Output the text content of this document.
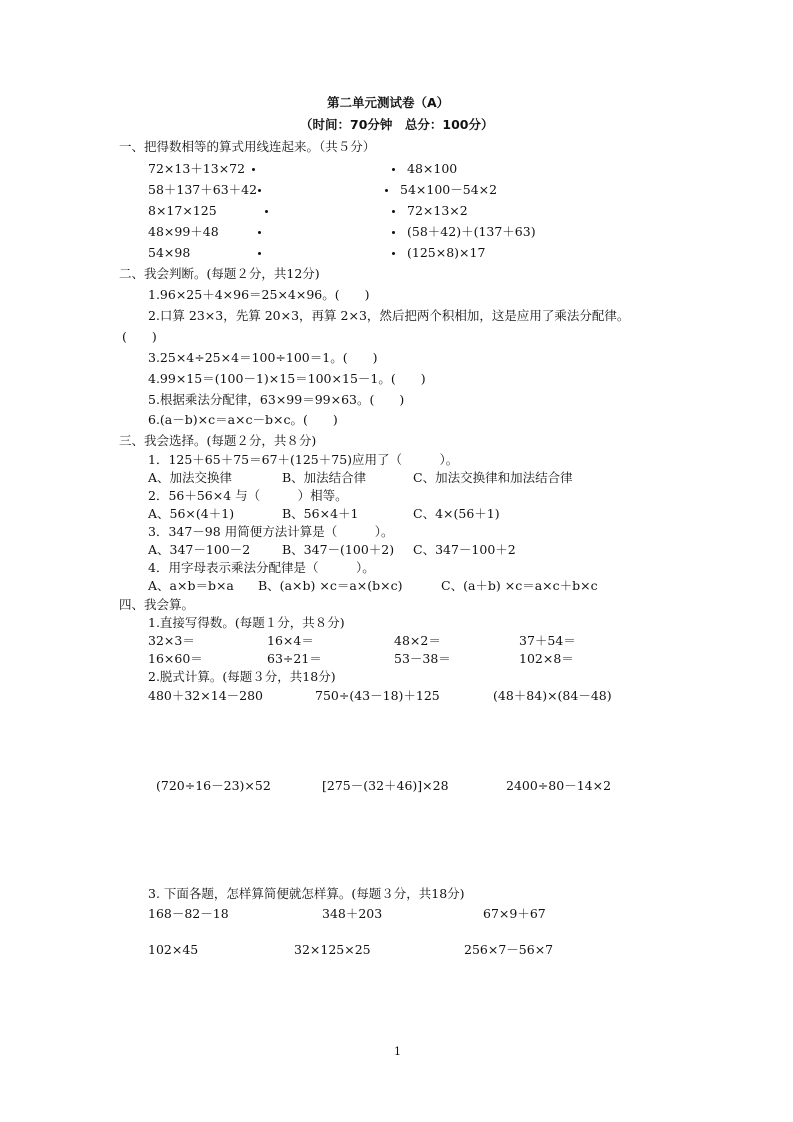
第二单元测试卷（A）
（时间：70分钟　总分：100分）
一、把得数相等的算式用线连起来。（共５分）
72×13＋13×72	48×100
58＋137＋63＋42	54×100－54×2
8×17×125	72×13×2
48×99＋48	(58＋42)＋(137＋63)
54×98	(125×8)×17
二、我会判断。(每题２分，共12分)
1.96×25＋4×96＝25×4×96。(　　)
2.口算 23×3，先算 20×3，再算 2×3，然后把两个积相加，这是应用了乘法分配律。
(　　)
3.25×4÷25×4＝100÷100＝1。(　　)
4.99×15＝(100－1)×15＝100×15－1。(　　)
5.根据乘法分配律，63×99＝99×63。(　　)
6.(a－b)×c＝a×c－b×c。(　　)
三、我会选择。(每题２分，共８分)
1．125＋65＋75＝67＋(125＋75)应用了（　　　）。
A、加法交换律	B、加法结合律	C、加法交换律和加法结合律
2．56＋56×4 与（　　　）相等。
A、56×(4＋1)	B、56×4＋1	C、4×(56＋1)
3．347－98 用简便方法计算是（　　　）。
A、347－100－2	B、347－(100＋2) C、347－100＋2
4．用字母表示乘法分配律是（　　　）。
A、a×b＝b×a B、(a×b) ×c＝a×(b×c)	C、(a＋b) ×c＝a×c＋b×c
四、我会算。
1.直接写得数。(每题１分，共８分)
32×3＝	16×4＝	48×2＝	37＋54＝
16×60＝	63÷21＝	53－38＝	102×8＝
2.脱式计算。(每题３分，共18分)
480＋32×14－280	750÷(43－18)＋125	(48＋84)×(84－48)
(720÷16－23)×52	[275－(32＋46)]×28	2400÷80－14×2
3. 下面各题，怎样算简便就怎样算。(每题３分，共18分)
168－82－18	348＋203	67×9＋67
102×45	32×125×25	256×7－56×7
1
